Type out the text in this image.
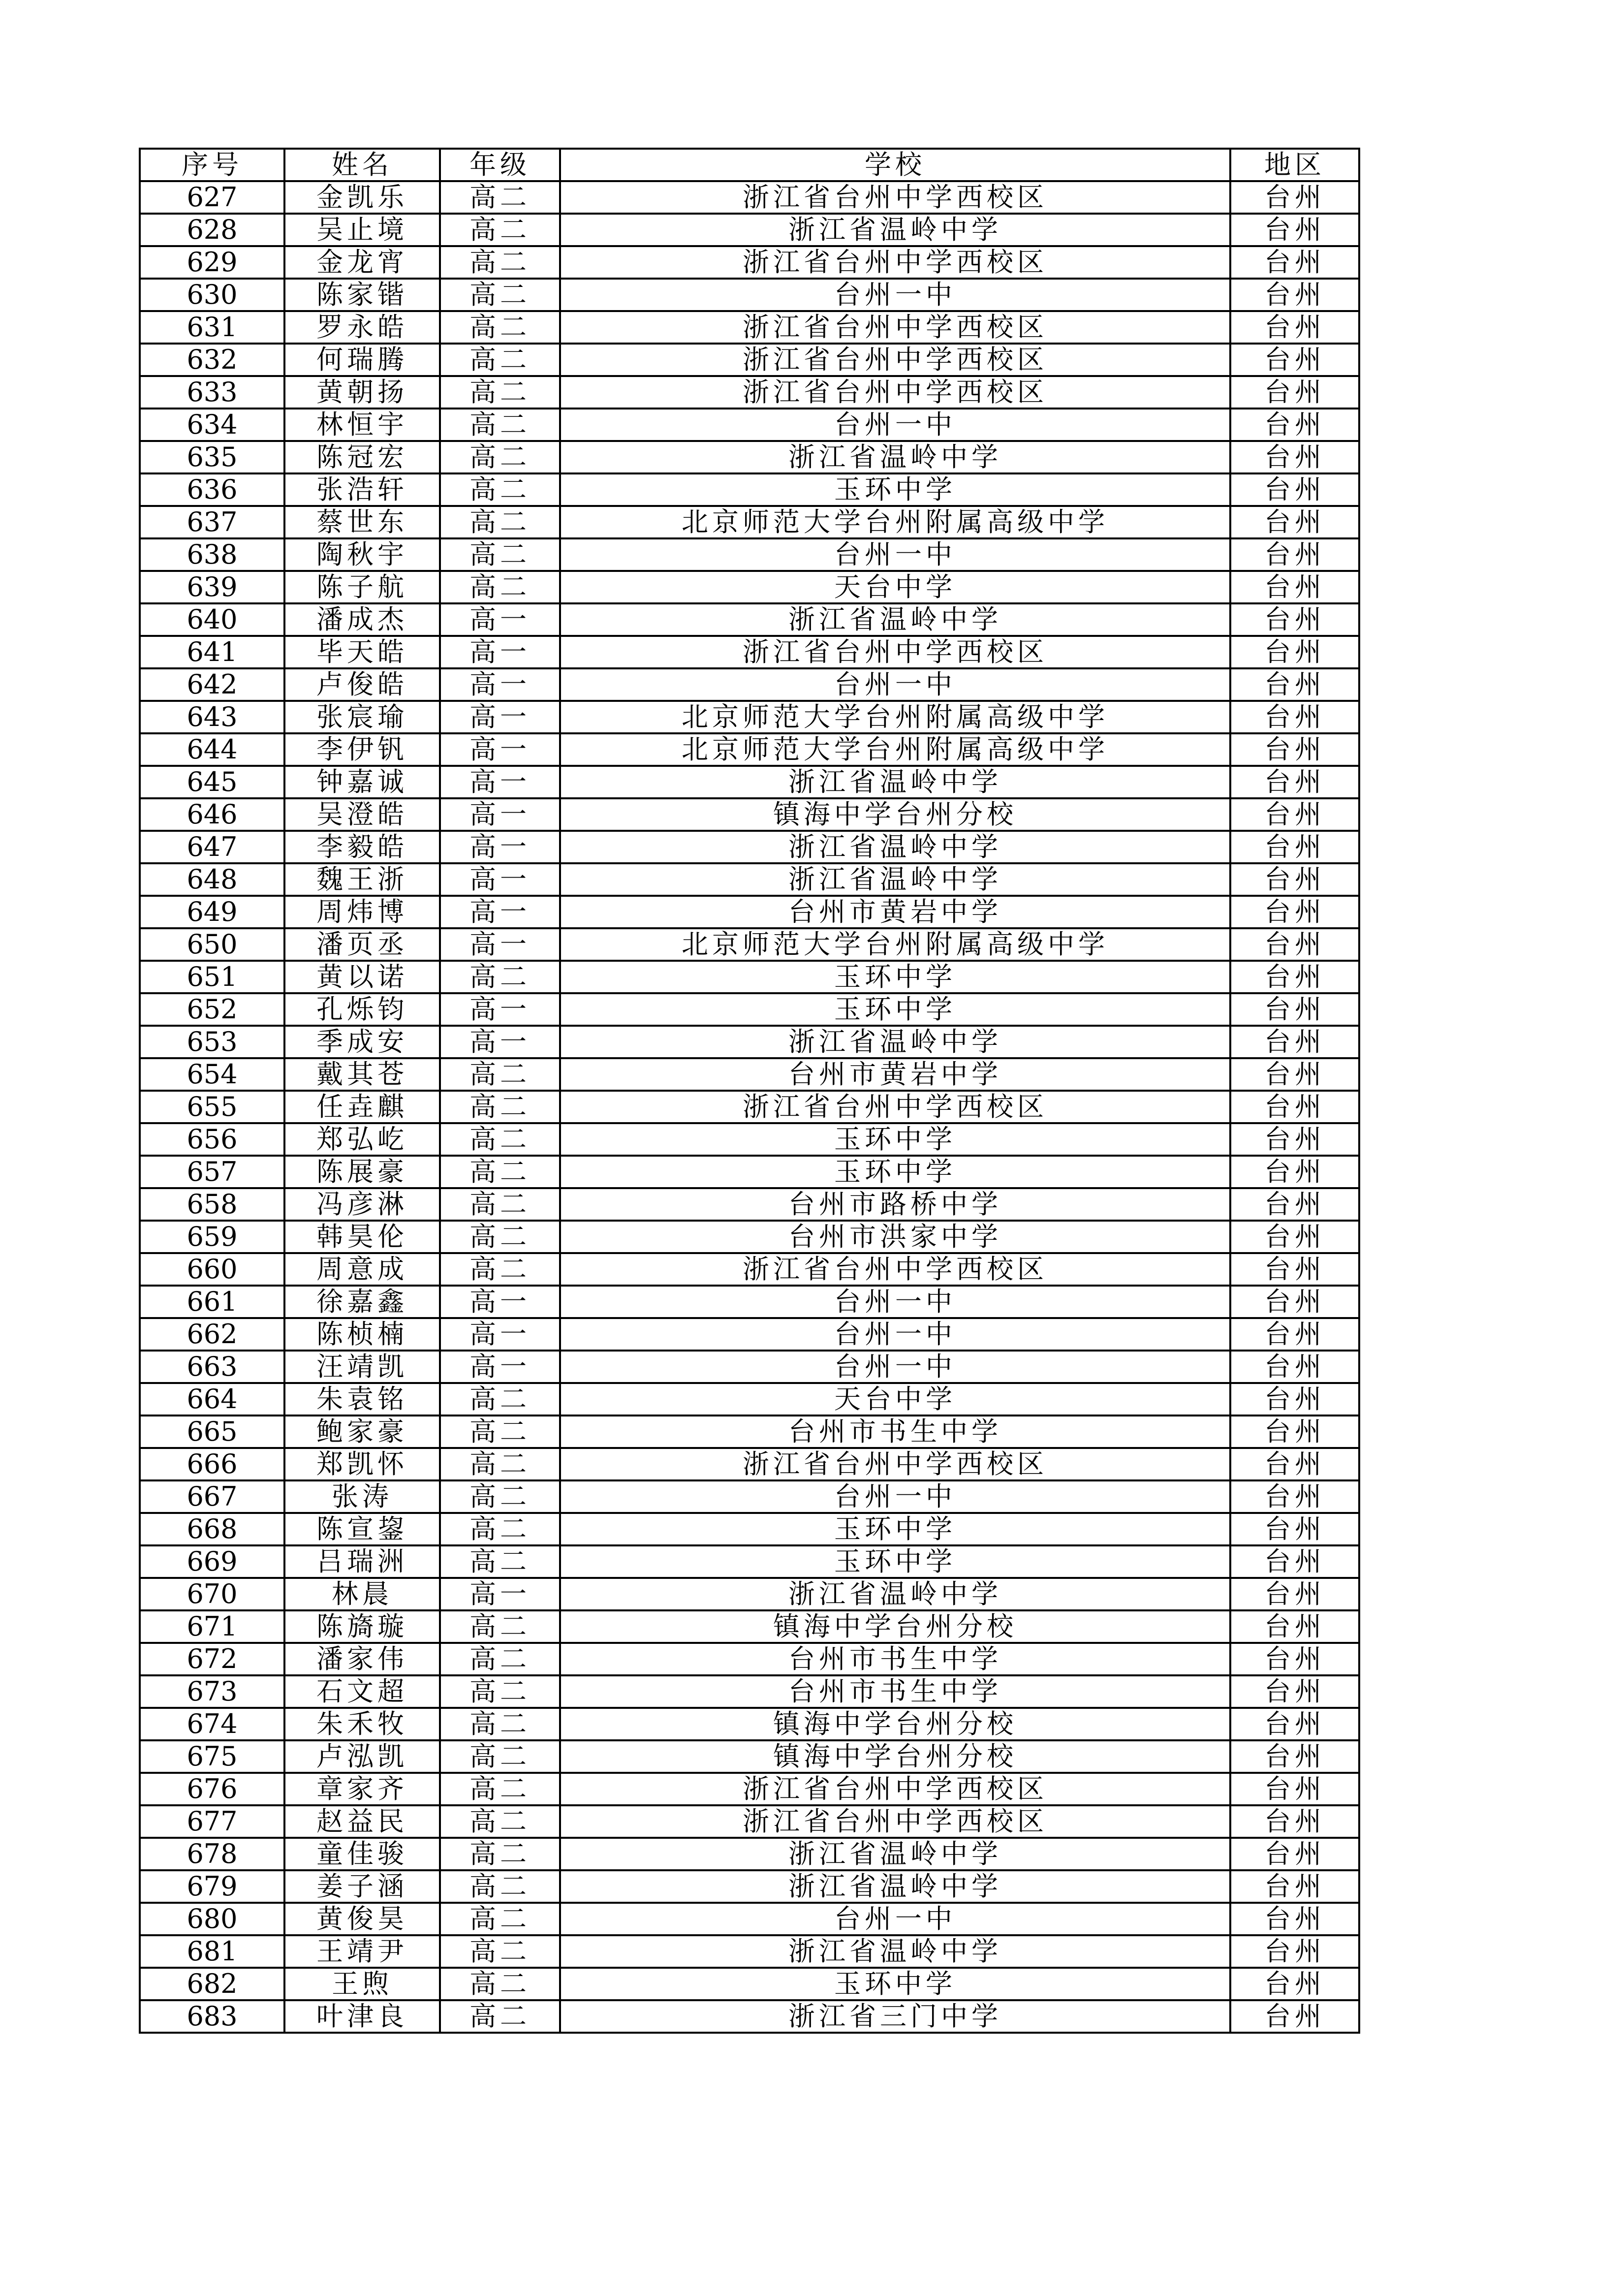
序号	姓名	年级	学校	地区
627	金凯乐	高二	浙江省台州中学西校区	台州
628	吴止境	高二	浙江省温岭中学	台州
629	金龙宵	高二	浙江省台州中学西校区	台州
630	陈家锴	高二	台州一中	台州
631	罗永皓	高二	浙江省台州中学西校区	台州
632	何瑞腾	高二	浙江省台州中学西校区	台州
633	黄朝扬	高二	浙江省台州中学西校区	台州
634	林恒宇	高二	台州一中	台州
635	陈冠宏	高二	浙江省温岭中学	台州
636	张浩轩	高二	玉环中学	台州
637	蔡世东	高二	北京师范大学台州附属高级中学	台州
638	陶秋宇	高二	台州一中	台州
639	陈子航	高二	天台中学	台州
640	潘成杰	高一	浙江省温岭中学	台州
641	毕天皓	高一	浙江省台州中学西校区	台州
642	卢俊皓	高一	台州一中	台州
643	张宸瑜	高一	北京师范大学台州附属高级中学	台州
644	李伊钒	高一	北京师范大学台州附属高级中学	台州
645	钟嘉诚	高一	浙江省温岭中学	台州
646	吴澄皓	高一	镇海中学台州分校	台州
647	李毅皓	高一	浙江省温岭中学	台州
648	魏王浙	高一	浙江省温岭中学	台州
649	周炜博	高一	台州市黄岩中学	台州
650	潘页丞	高一	北京师范大学台州附属高级中学	台州
651	黄以诺	高二	玉环中学	台州
652	孔烁钧	高一	玉环中学	台州
653	季成安	高一	浙江省温岭中学	台州
654	戴其苍	高二	台州市黄岩中学	台州
655	任垚麒	高二	浙江省台州中学西校区	台州
656	郑弘屹	高二	玉环中学	台州
657	陈展豪	高二	玉环中学	台州
658	冯彦淋	高二	台州市路桥中学	台州
659	韩昊伦	高二	台州市洪家中学	台州
660	周意成	高二	浙江省台州中学西校区	台州
661	徐嘉鑫	高一	台州一中	台州
662	陈桢楠	高一	台州一中	台州
663	汪靖凯	高一	台州一中	台州
664	朱袁铭	高二	天台中学	台州
665	鲍家豪	高二	台州市书生中学	台州
666	郑凯怀	高二	浙江省台州中学西校区	台州
667	张涛	高二	台州一中	台州
668	陈宣鋆	高二	玉环中学	台州
669	吕瑞洲	高二	玉环中学	台州
670	林晨	高一	浙江省温岭中学	台州
671	陈旖璇	高二	镇海中学台州分校	台州
672	潘家伟	高二	台州市书生中学	台州
673	石文超	高二	台州市书生中学	台州
674	朱禾牧	高二	镇海中学台州分校	台州
675	卢泓凯	高二	镇海中学台州分校	台州
676	章家齐	高二	浙江省台州中学西校区	台州
677	赵益民	高二	浙江省台州中学西校区	台州
678	童佳骏	高二	浙江省温岭中学	台州
679	姜子涵	高二	浙江省温岭中学	台州
680	黄俊昊	高二	台州一中	台州
681	王靖尹	高二	浙江省温岭中学	台州
682	王煦	高二	玉环中学	台州
683	叶津良	高二	浙江省三门中学	台州
